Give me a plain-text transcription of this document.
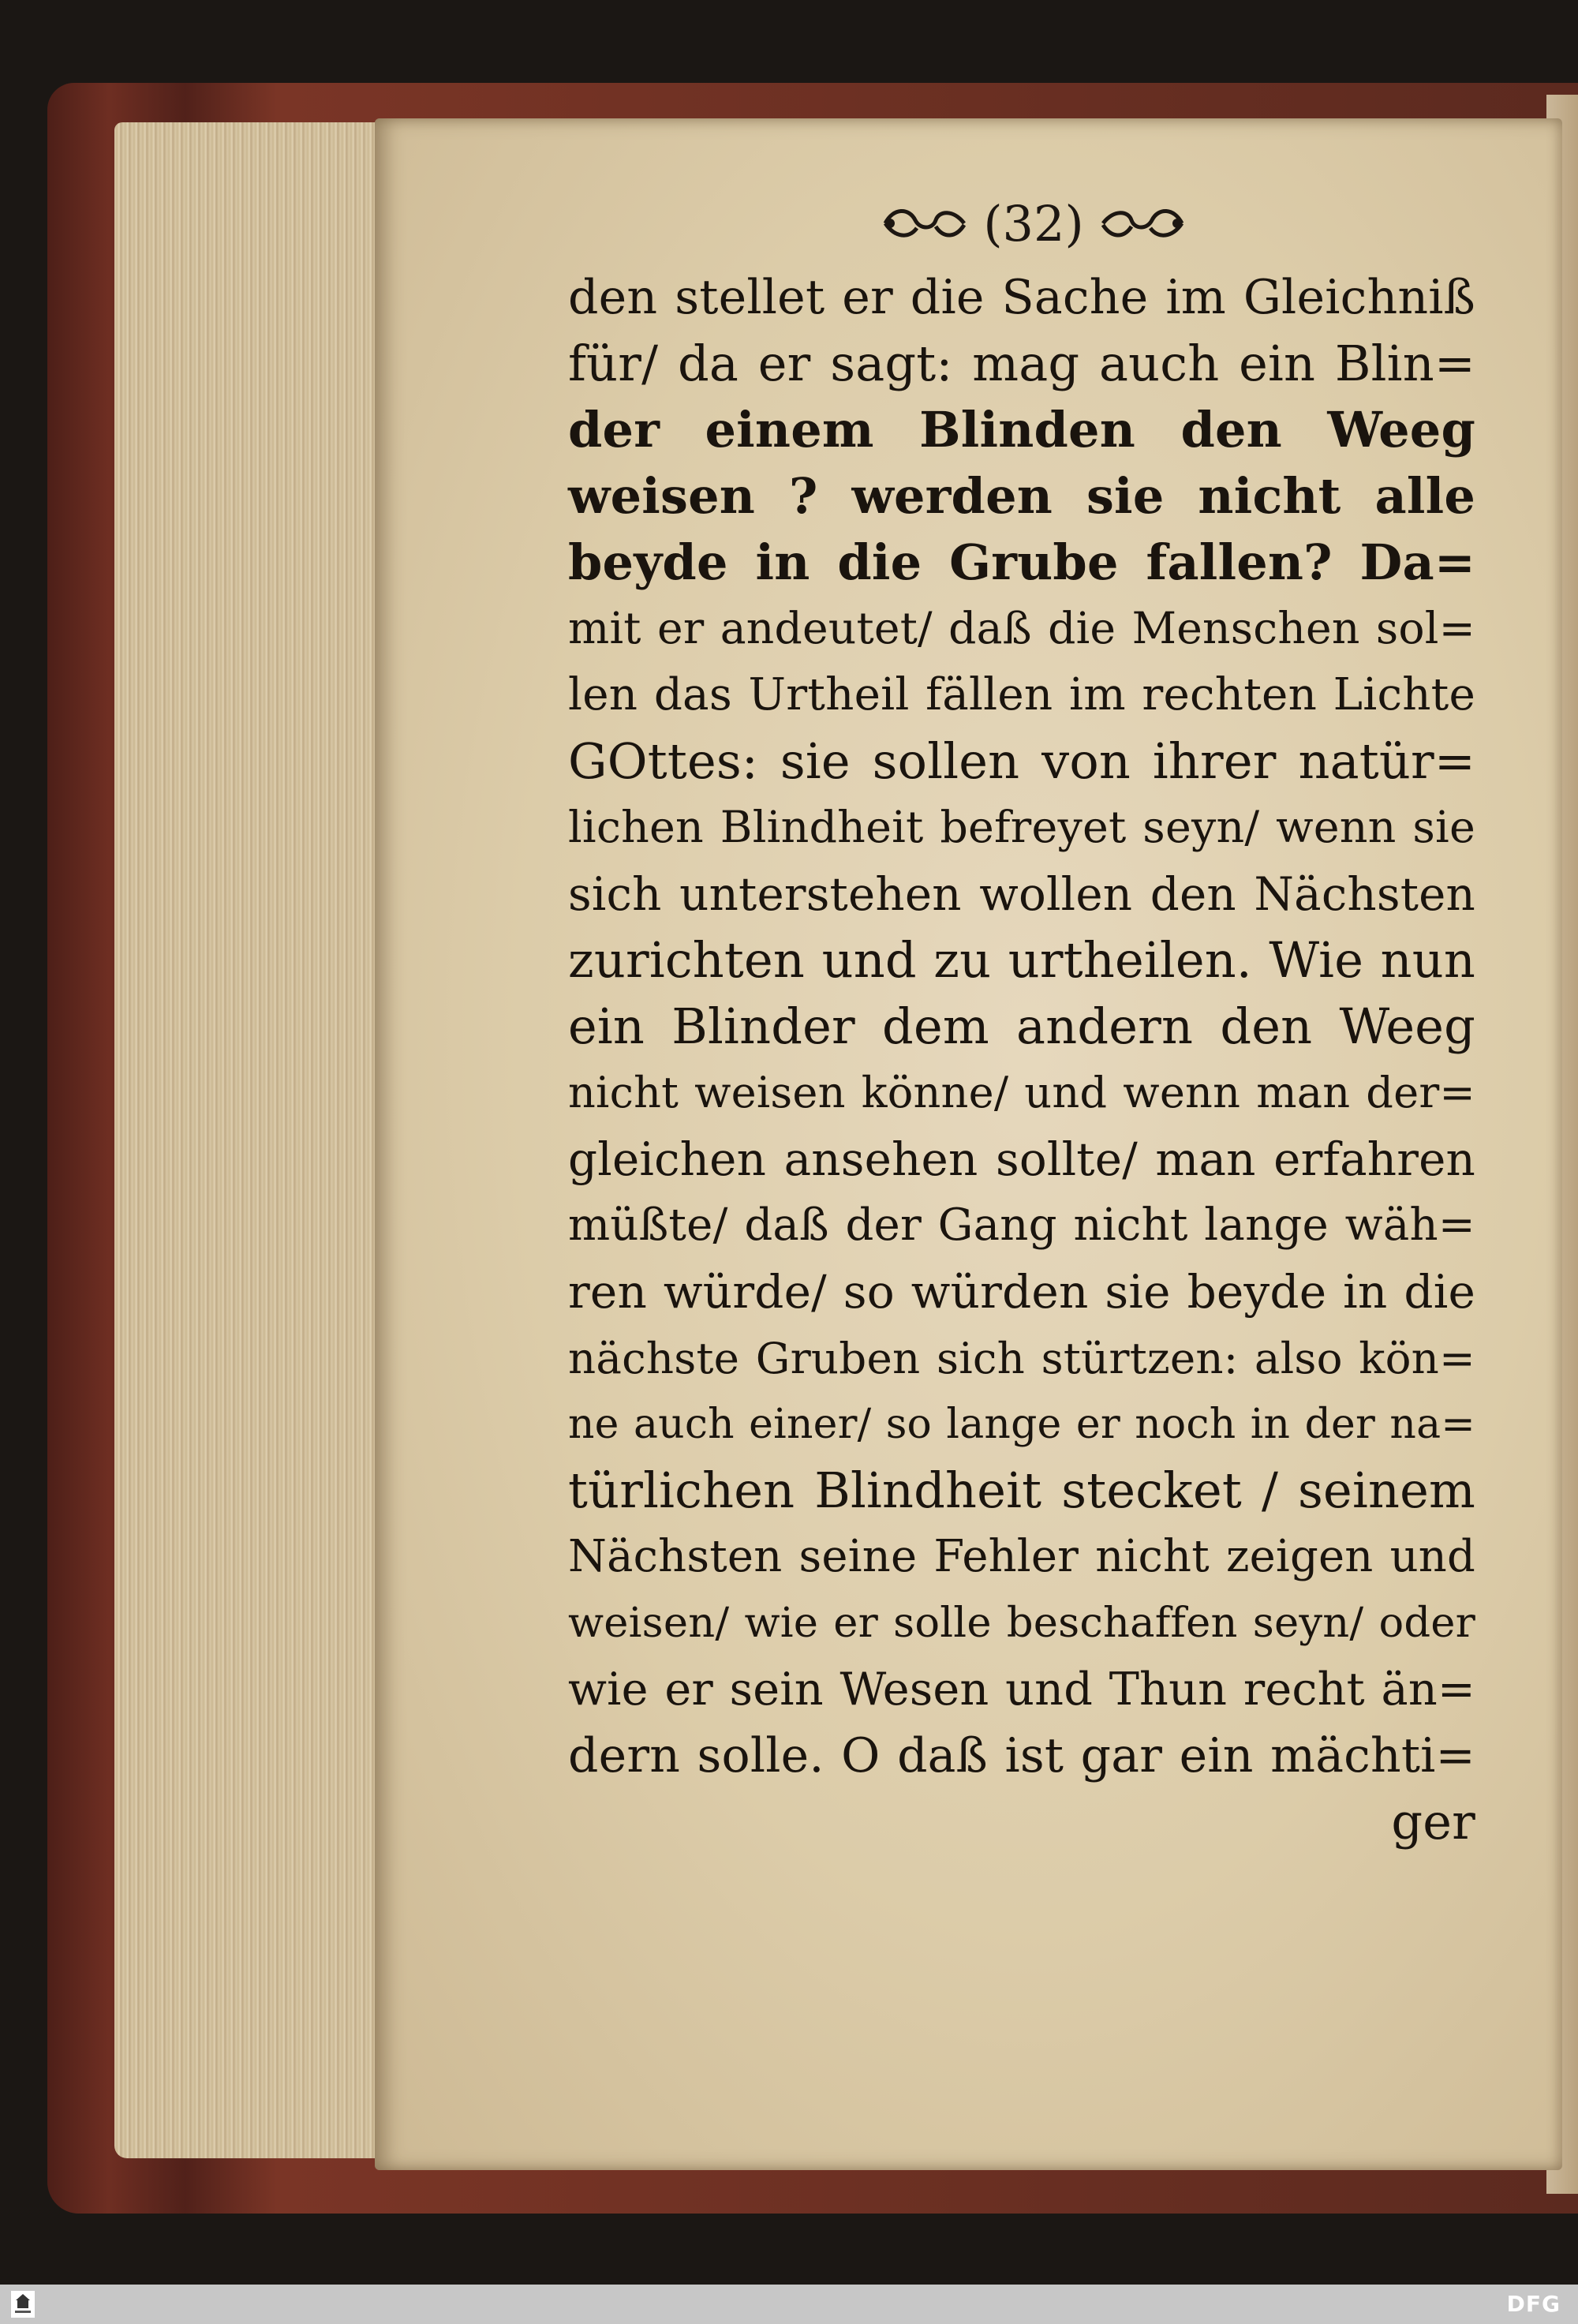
(32)
den stellet er die Sache im Gleichniß
für/ da er sagt: mag auch ein Blin=
der einem Blinden den Weeg
weisen ? werden sie nicht alle
beyde in die Grube fallen? Da=
mit er andeutet/ daß die Menschen sol=
len das Urtheil fällen im rechten Lichte
GOttes: sie sollen von ihrer natür=
lichen Blindheit befreyet seyn/ wenn sie
sich unterstehen wollen den Nächsten
zurichten und zu urtheilen. Wie nun
ein Blinder dem andern den Weeg
nicht weisen könne/ und wenn man der=
gleichen ansehen sollte/ man erfahren
müßte/ daß der Gang nicht lange wäh=
ren würde/ so würden sie beyde in die
nächste Gruben sich stürtzen: also kön=
ne auch einer/ so lange er noch in der na=
türlichen Blindheit stecket / seinem
Nächsten seine Fehler nicht zeigen und
weisen/ wie er solle beschaffen seyn/ oder
wie er sein Wesen und Thun recht än=
dern solle. O daß ist gar ein mächti=
ger
DFG
